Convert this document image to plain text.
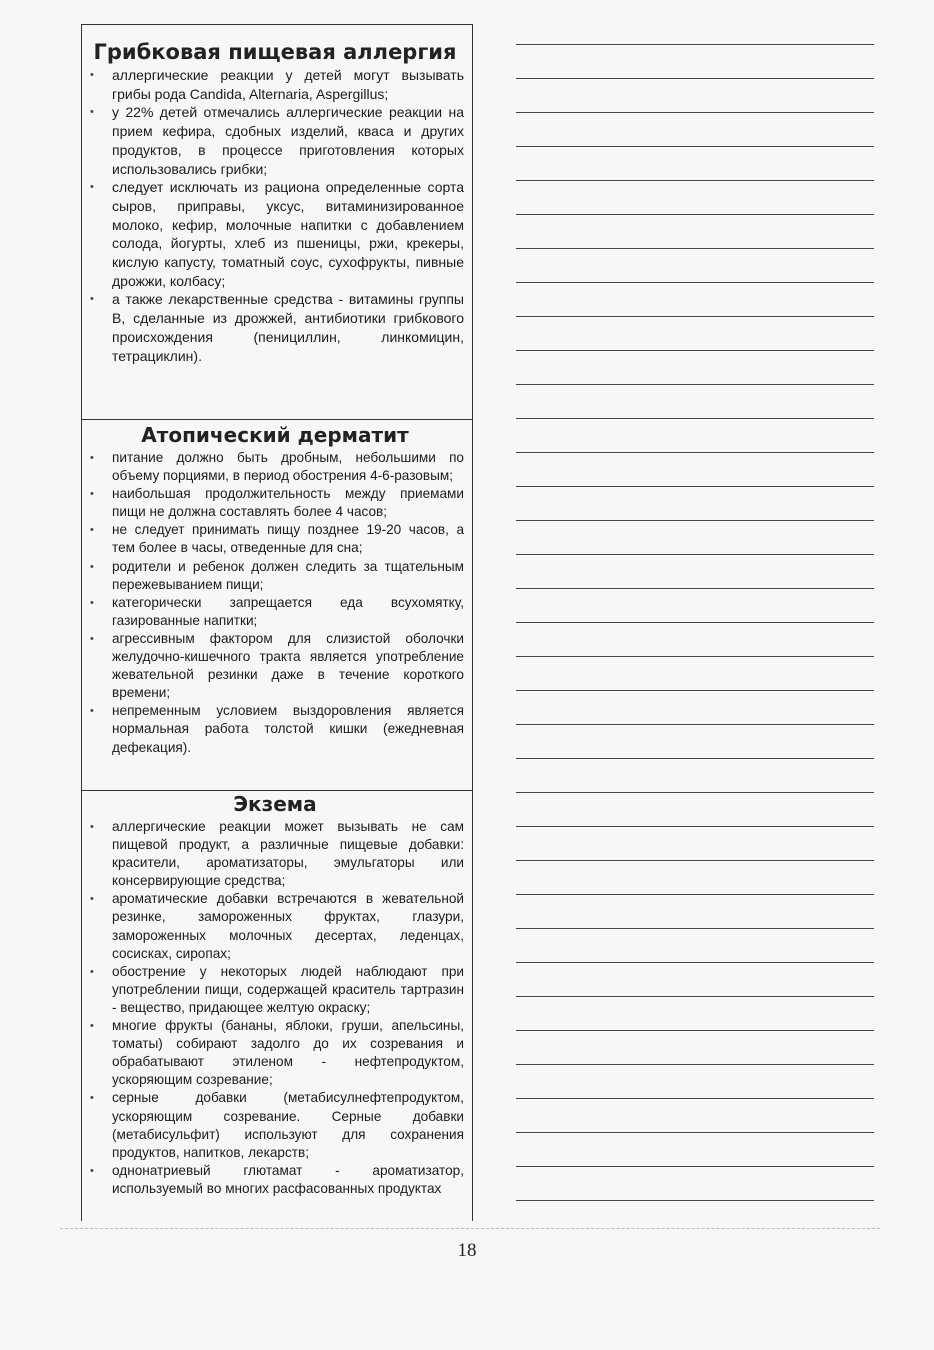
Грибковая пищевая аллергия
• аллергические реакции у детей могут вызывать грибы рода Candida, Alternaria, Aspergillus;
• у 22% детей отмечались аллергические реакции на прием кефира, сдобных изделий, кваса и других продуктов, в процессе приготовления которых использовались грибки;
• следует исключать из рациона определенные сорта сыров, приправы, уксус, витаминизированное молоко, кефир, молочные напитки с добавлением солода, йогурты, хлеб из пшеницы, ржи, крекеры, кислую капусту, томатный соус, сухофрукты, пивные дрожжи, колбасу;
• а также лекарственные средства - витамины группы В, сделанные из дрожжей, антибиотики грибкового происхождения (пенициллин, линкомицин, тетрациклин).
Атопический дерматит
• питание должно быть дробным, небольшими по объему порциями, в период обострения 4-6-разовым;
• наибольшая продолжительность между приемами пищи не должна составлять более 4 часов;
• не следует принимать пищу позднее 19-20 часов, а тем более в часы, отведенные для сна;
• родители и ребенок должен следить за тщательным пережевыванием пищи;
• категорически запрещается еда всухомятку, газированные напитки;
• агрессивным фактором для слизистой оболочки желудочно-кишечного тракта является употребление жевательной резинки даже в течение короткого времени;
• непременным условием выздоровления является нормальная работа толстой кишки (ежедневная дефекация).
Экзема
• аллергические реакции может вызывать не сам пищевой продукт, а различные пищевые добавки: красители, ароматизаторы, эмульгаторы или консервирующие средства;
• ароматические добавки встречаются в жевательной резинке, замороженных фруктах, глазури, замороженных молочных десертах, леденцах, сосисках, сиропах;
• обострение у некоторых людей наблюдают при употреблении пищи, содержащей краситель тартразин - вещество, придающее желтую окраску;
• многие фрукты (бананы, яблоки, груши, апельсины, томаты) собирают задолго до их созревания и обрабатывают этиленом - нефтепродуктом, ускоряющим созревание;
• серные добавки (метабисулнефтепродуктом, ускоряющим созревание. Серные добавки (метабисульфит) используют для сохранения продуктов, напитков, лекарств;
• однонатриевый глютамат - ароматизатор, используемый во многих расфасованных продуктах
18
